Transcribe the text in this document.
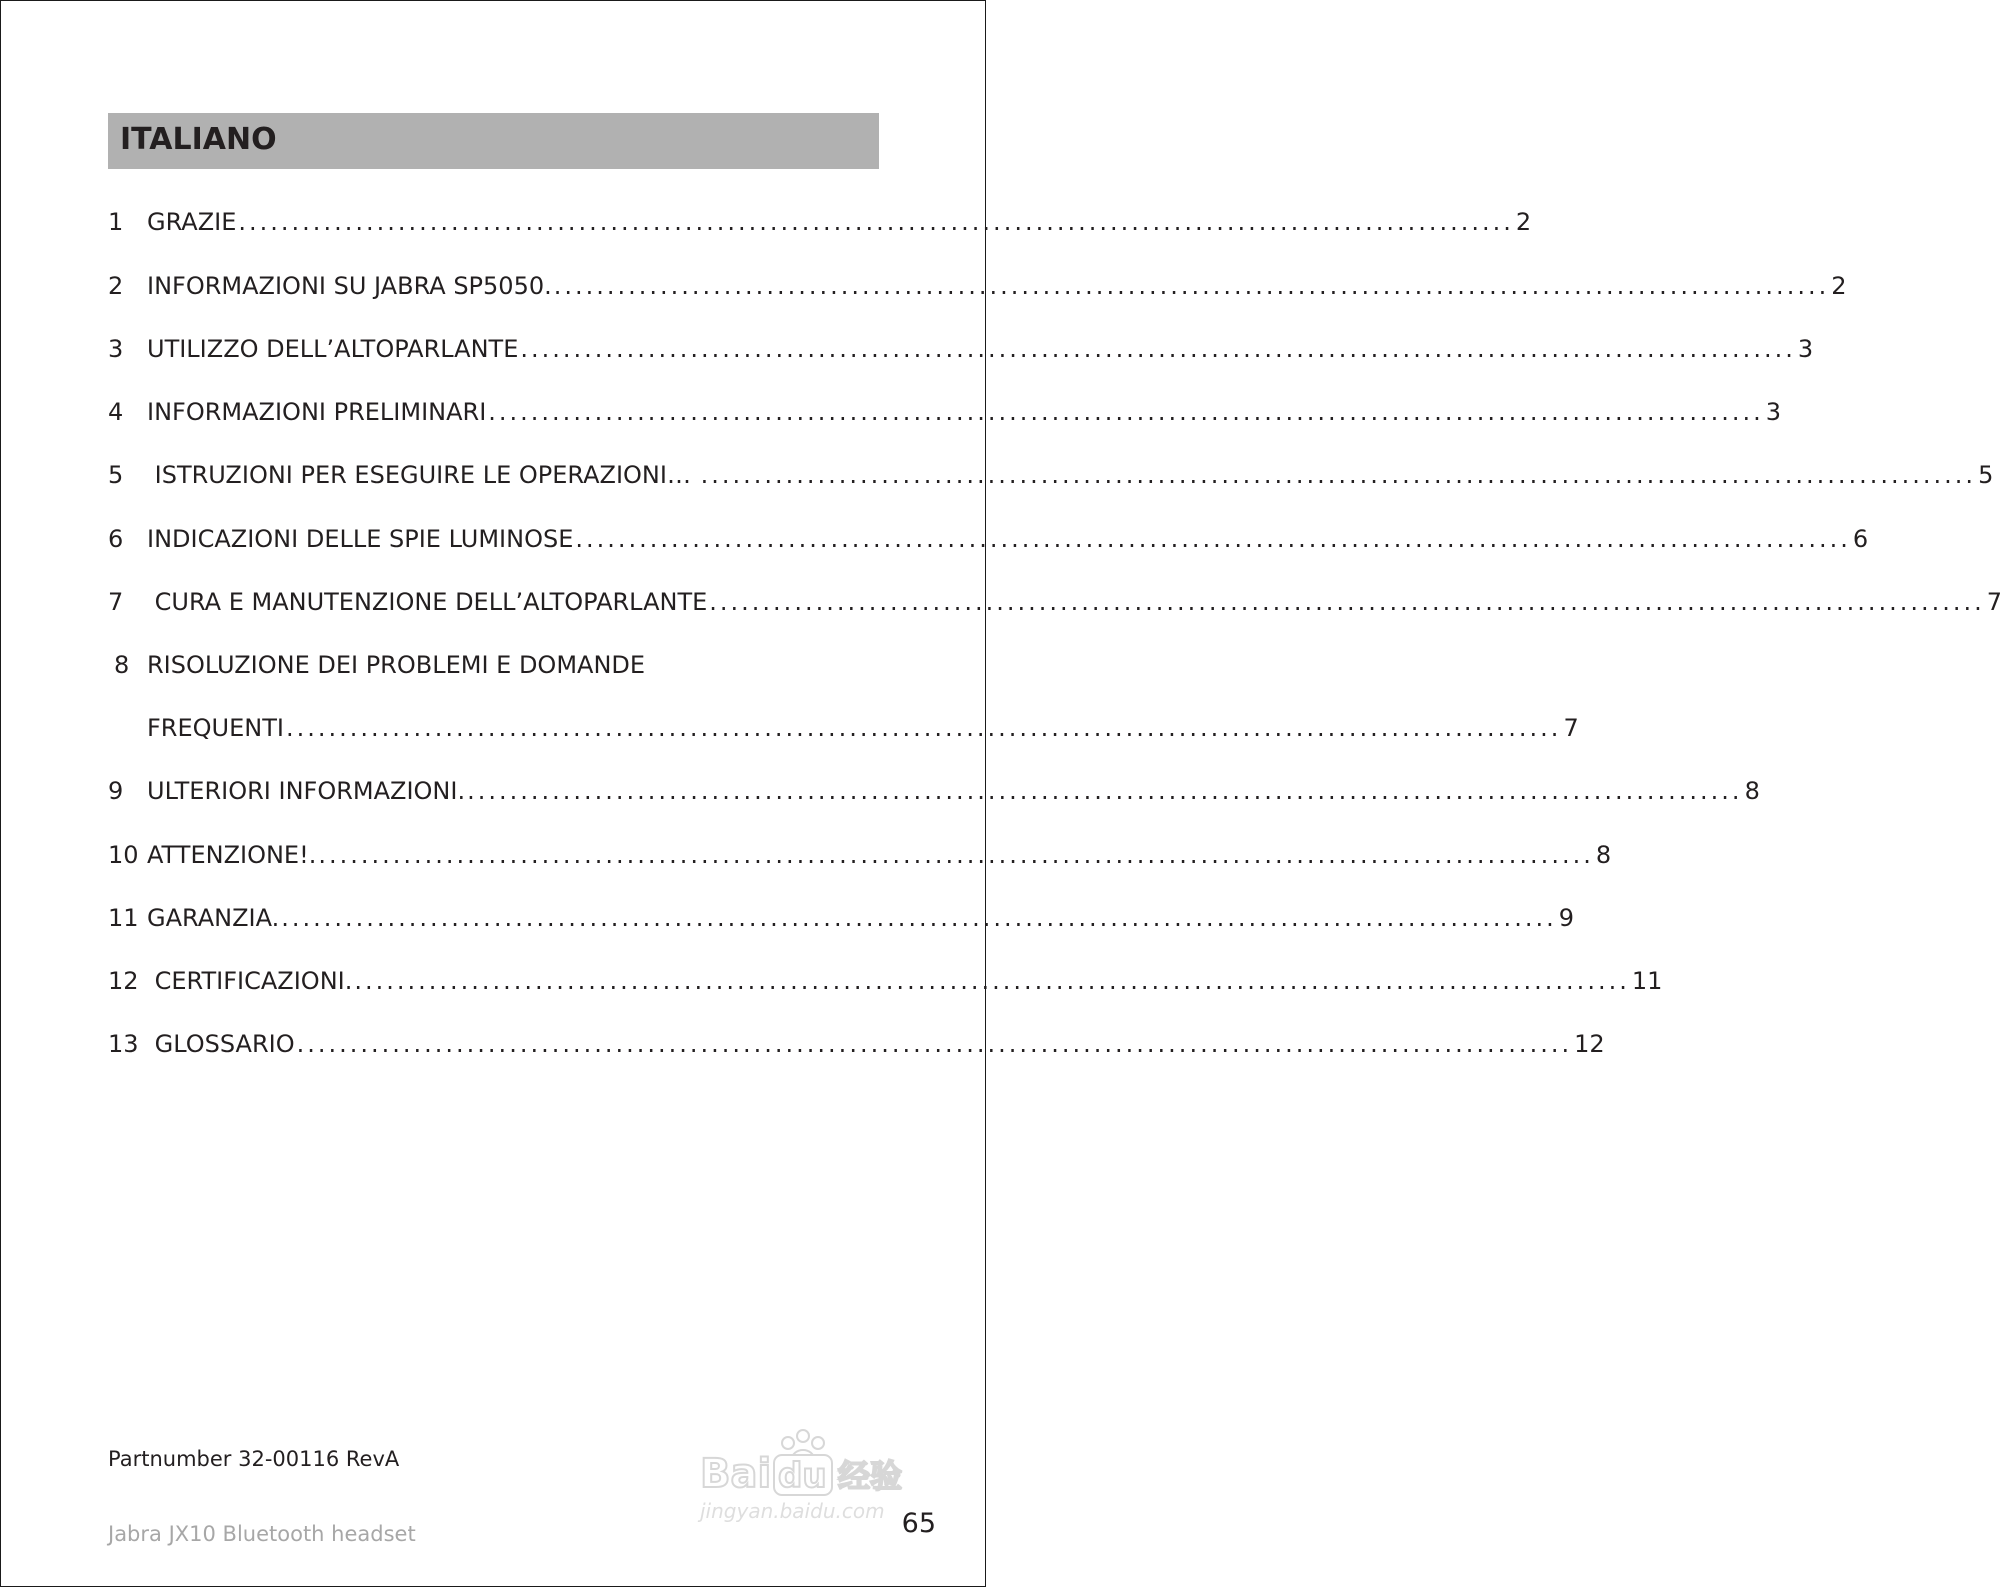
ITALIANO
1 GRAZIE ........................................................................................................................ 2
2 INFORMAZIONI SU JABRA SP5050. ........................................................................................................................ 2
3 UTILIZZO DELL’ALTOPARLANTE ........................................................................................................................ 3
4 INFORMAZIONI PRELIMINARI ........................................................................................................................ 3
5 ISTRUZIONI PER ESEGUIRE LE OPERAZIONI… ........................................................................................................................ 5
6 INDICAZIONI DELLE SPIE LUMINOSE ........................................................................................................................ 6
7 CURA E MANUTENZIONE DELL’ALTOPARLANTE ........................................................................................................................ 7
8 RISOLUZIONE DEI PROBLEMI E DOMANDE
FREQUENTI ........................................................................................................................ 7
9 ULTERIORI INFORMAZIONI. ........................................................................................................................ 8
10 ATTENZIONE!. ........................................................................................................................ 8
11 GARANZIA. ........................................................................................................................ 9
12 CERTIFICAZIONI. ........................................................................................................................ 11
13 GLOSSARIO ........................................................................................................................ 12
Partnumber 32-00116 RevA
Jabra JX10 Bluetooth headset	65
Bai du 经验
jingyan.baidu.com
